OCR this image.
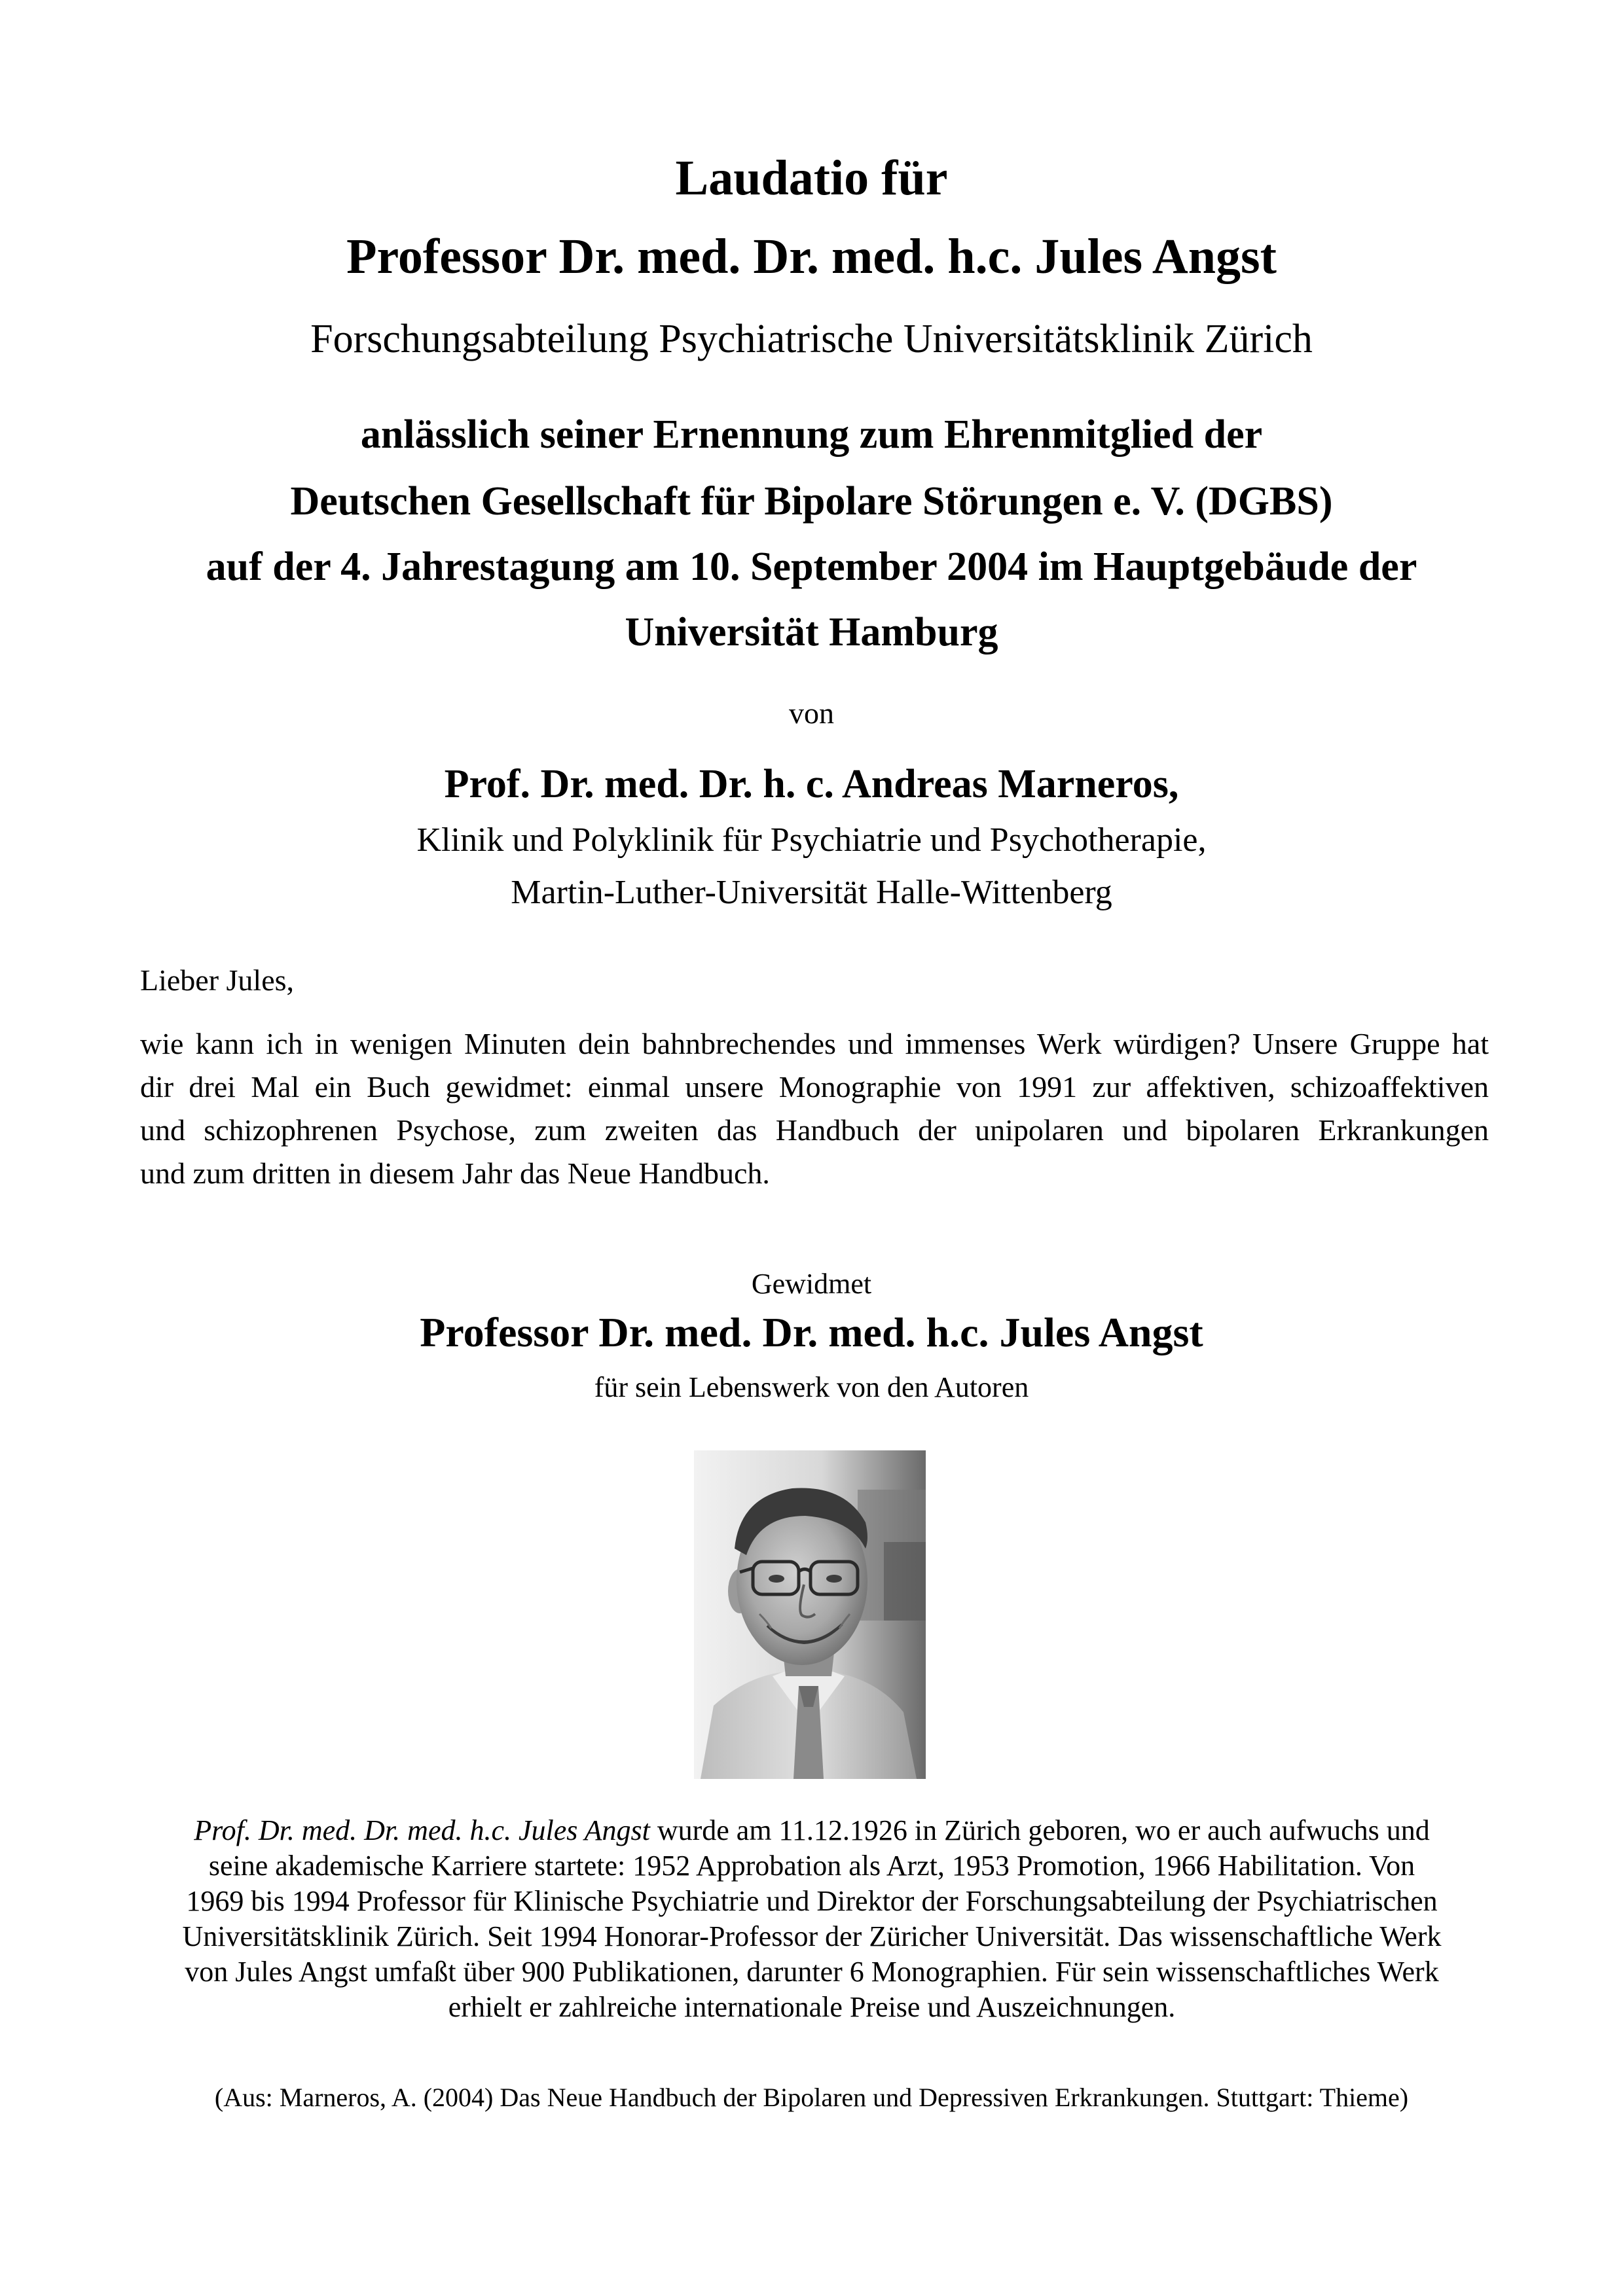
Laudatio für

Professor Dr. med. Dr. med. h.c. Jules Angst

Forschungsabteilung Psychiatrische Universitätsklinik Zürich

anlässlich seiner Ernennung zum Ehrenmitglied der

Deutschen Gesellschaft für Bipolare Störungen e. V. (DGBS)

auf der 4. Jahrestagung am 10. September 2004 im Hauptgebäude der

Universität Hamburg

von

Prof. Dr. med. Dr. h. c. Andreas Marneros,

Klinik und Polyklinik für Psychiatrie und Psychotherapie,

Martin-Luther-Universität Halle-Wittenberg

Lieber Jules,

wie kann ich in wenigen Minuten dein bahnbrechendes und immenses Werk würdigen? Unsere Gruppe hat
dir drei Mal ein Buch gewidmet: einmal unsere Monographie von 1991 zur affektiven, schizoaffektiven
und schizophrenen Psychose, zum zweiten das Handbuch der unipolaren und bipolaren Erkrankungen
und zum dritten in diesem Jahr das Neue Handbuch.

Gewidmet

Professor Dr. med. Dr. med. h.c. Jules Angst

für sein Lebenswerk von den Autoren

Prof. Dr. med. Dr. med. h.c. Jules Angst wurde am 11.12.1926 in Zürich geboren, wo er auch aufwuchs und
seine akademische Karriere startete: 1952 Approbation als Arzt, 1953 Promotion, 1966 Habilitation. Von
1969 bis 1994 Professor für Klinische Psychiatrie und Direktor der Forschungsabteilung der Psychiatrischen
Universitätsklinik Zürich. Seit 1994 Honorar-Professor der Züricher Universität. Das wissenschaftliche Werk
von Jules Angst umfaßt über 900 Publikationen, darunter 6 Monographien. Für sein wissenschaftliches Werk
erhielt er zahlreiche internationale Preise und Auszeichnungen.

(Aus: Marneros, A. (2004) Das Neue Handbuch der Bipolaren und Depressiven Erkrankungen. Stuttgart: Thieme)
